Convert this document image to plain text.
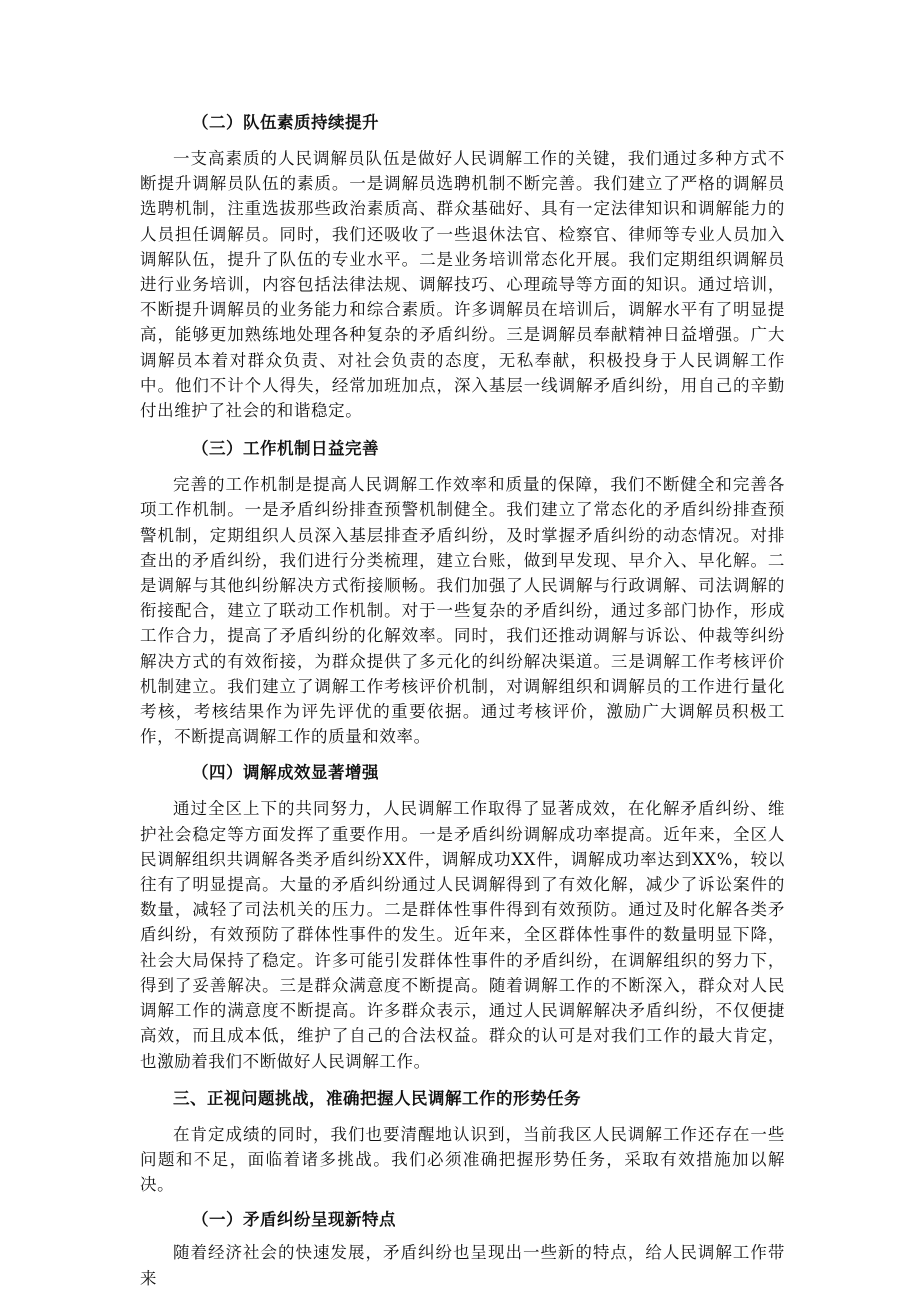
（二）队伍素质持续提升

一支高素质的人民调解员队伍是做好人民调解工作的关键，我们通过多种方式不断提升调解员队伍的素质。一是调解员选聘机制不断完善。我们建立了严格的调解员选聘机制，注重选拔那些政治素质高、群众基础好、具有一定法律知识和调解能力的人员担任调解员。同时，我们还吸收了一些退休法官、检察官、律师等专业人员加入调解队伍，提升了队伍的专业水平。二是业务培训常态化开展。我们定期组织调解员进行业务培训，内容包括法律法规、调解技巧、心理疏导等方面的知识。通过培训，不断提升调解员的业务能力和综合素质。许多调解员在培训后，调解水平有了明显提高，能够更加熟练地处理各种复杂的矛盾纠纷。三是调解员奉献精神日益增强。广大调解员本着对群众负责、对社会负责的态度，无私奉献，积极投身于人民调解工作中。他们不计个人得失，经常加班加点，深入基层一线调解矛盾纠纷，用自己的辛勤付出维护了社会的和谐稳定。

（三）工作机制日益完善

完善的工作机制是提高人民调解工作效率和质量的保障，我们不断健全和完善各项工作机制。一是矛盾纠纷排查预警机制健全。我们建立了常态化的矛盾纠纷排查预警机制，定期组织人员深入基层排查矛盾纠纷，及时掌握矛盾纠纷的动态情况。对排查出的矛盾纠纷，我们进行分类梳理，建立台账，做到早发现、早介入、早化解。二是调解与其他纠纷解决方式衔接顺畅。我们加强了人民调解与行政调解、司法调解的衔接配合，建立了联动工作机制。对于一些复杂的矛盾纠纷，通过多部门协作，形成工作合力，提高了矛盾纠纷的化解效率。同时，我们还推动调解与诉讼、仲裁等纠纷解决方式的有效衔接，为群众提供了多元化的纠纷解决渠道。三是调解工作考核评价机制建立。我们建立了调解工作考核评价机制，对调解组织和调解员的工作进行量化考核，考核结果作为评先评优的重要依据。通过考核评价，激励广大调解员积极工作，不断提高调解工作的质量和效率。

（四）调解成效显著增强

通过全区上下的共同努力，人民调解工作取得了显著成效，在化解矛盾纠纷、维护社会稳定等方面发挥了重要作用。一是矛盾纠纷调解成功率提高。近年来，全区人民调解组织共调解各类矛盾纠纷XX件，调解成功XX件，调解成功率达到XX%，较以往有了明显提高。大量的矛盾纠纷通过人民调解得到了有效化解，减少了诉讼案件的数量，减轻了司法机关的压力。二是群体性事件得到有效预防。通过及时化解各类矛盾纠纷，有效预防了群体性事件的发生。近年来，全区群体性事件的数量明显下降，社会大局保持了稳定。许多可能引发群体性事件的矛盾纠纷，在调解组织的努力下，得到了妥善解决。三是群众满意度不断提高。随着调解工作的不断深入，群众对人民调解工作的满意度不断提高。许多群众表示，通过人民调解解决矛盾纠纷，不仅便捷高效，而且成本低，维护了自己的合法权益。群众的认可是对我们工作的最大肯定，也激励着我们不断做好人民调解工作。

三、正视问题挑战，准确把握人民调解工作的形势任务

在肯定成绩的同时，我们也要清醒地认识到，当前我区人民调解工作还存在一些问题和不足，面临着诸多挑战。我们必须准确把握形势任务，采取有效措施加以解决。

（一）矛盾纠纷呈现新特点

随着经济社会的快速发展，矛盾纠纷也呈现出一些新的特点，给人民调解工作带来
